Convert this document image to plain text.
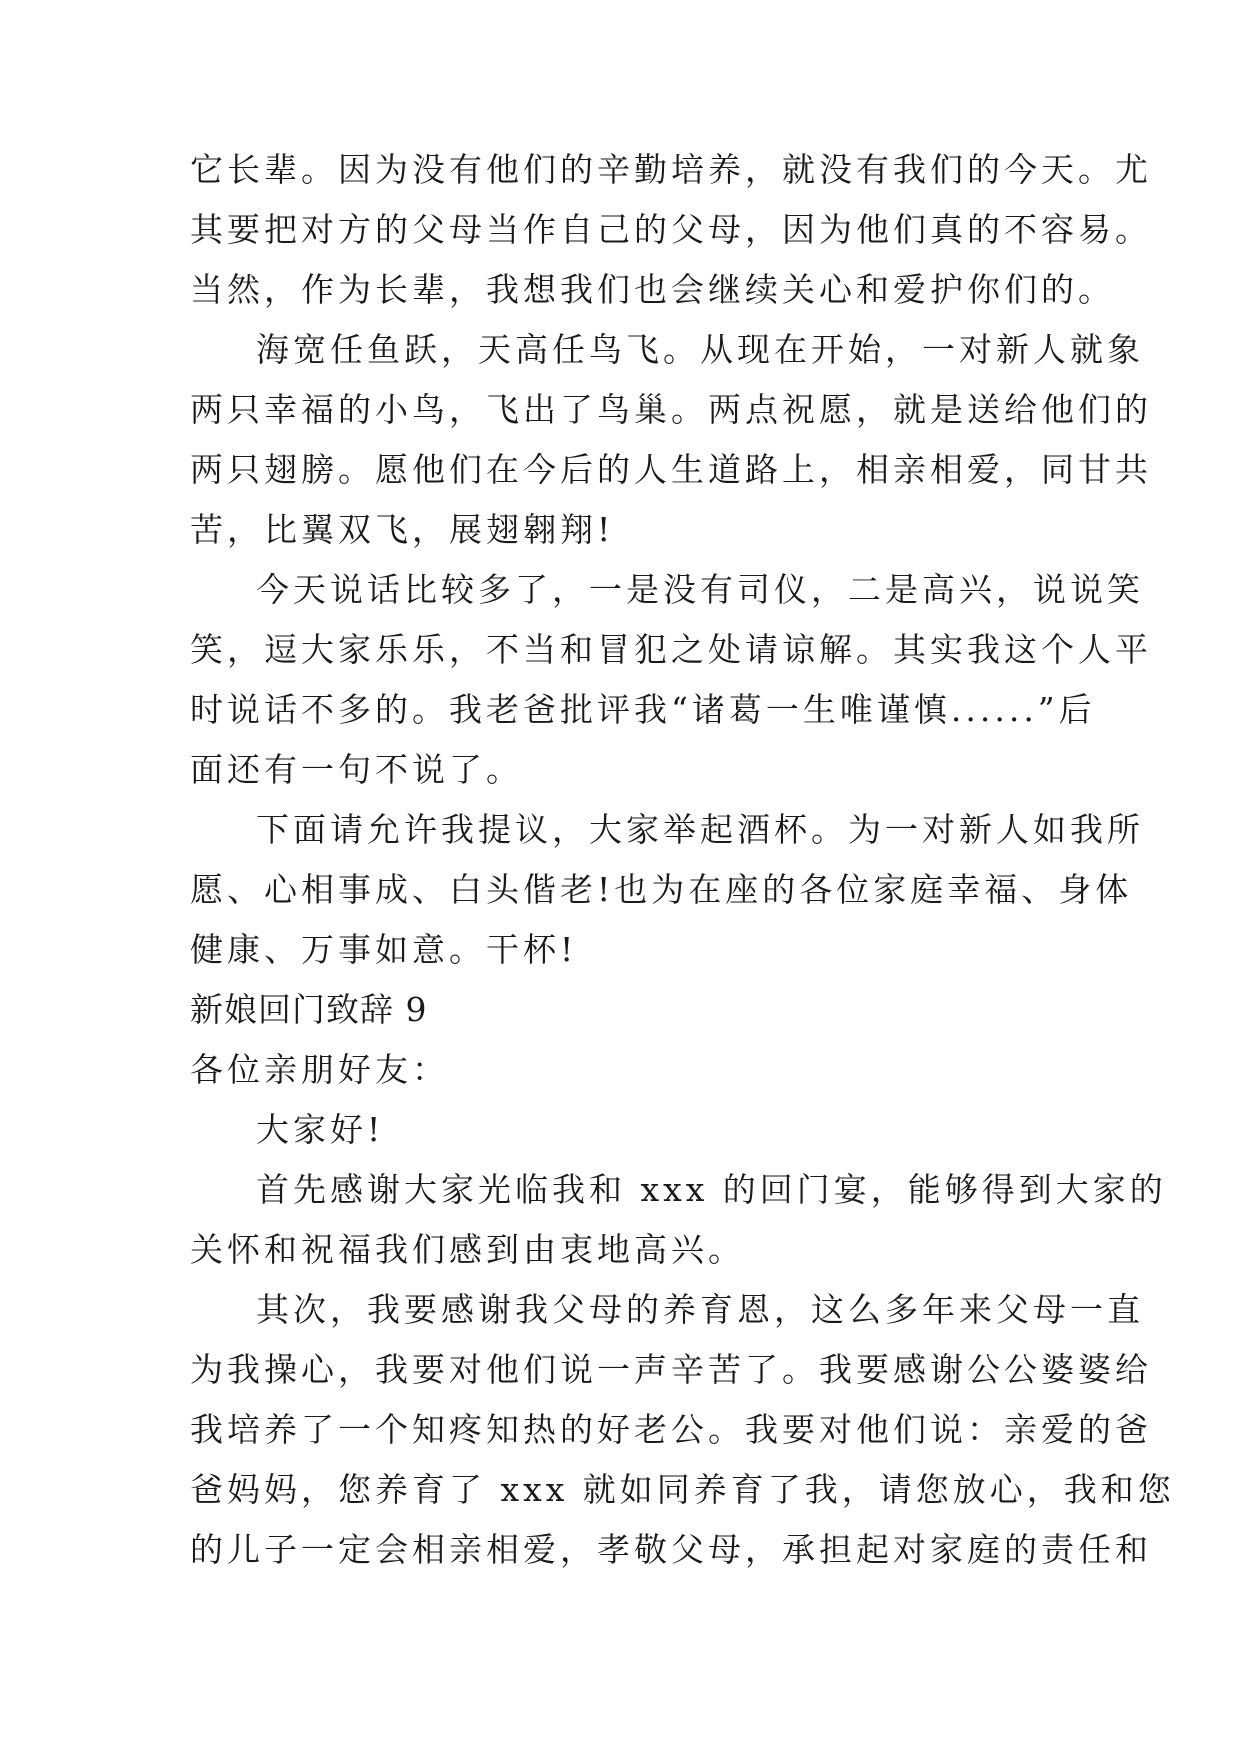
它长辈。因为没有他们的辛勤培养，就没有我们的今天。尤
其要把对方的父母当作自己的父母，因为他们真的不容易。
当然，作为长辈，我想我们也会继续关心和爱护你们的。
海宽任鱼跃，天高任鸟飞。从现在开始，一对新人就象
两只幸福的小鸟，飞出了鸟巢。两点祝愿，就是送给他们的
两只翅膀。愿他们在今后的人生道路上，相亲相爱，同甘共
苦，比翼双飞，展翅翱翔!
今天说话比较多了，一是没有司仪，二是高兴，说说笑
笑，逗大家乐乐，不当和冒犯之处请谅解。其实我这个人平
时说话不多的。我老爸批评我“诸葛一生唯谨慎......”后
面还有一句不说了。
下面请允许我提议，大家举起酒杯。为一对新人如我所
愿、心相事成、白头偕老!也为在座的各位家庭幸福、身体
健康、万事如意。干杯!
新娘回门致辞 9
各位亲朋好友：
大家好!
首先感谢大家光临我和 xxx 的回门宴，能够得到大家的
关怀和祝福我们感到由衷地高兴。
其次，我要感谢我父母的养育恩，这么多年来父母一直
为我操心，我要对他们说一声辛苦了。我要感谢公公婆婆给
我培养了一个知疼知热的好老公。我要对他们说：亲爱的爸
爸妈妈，您养育了 xxx 就如同养育了我，请您放心，我和您
的儿子一定会相亲相爱，孝敬父母，承担起对家庭的责任和
